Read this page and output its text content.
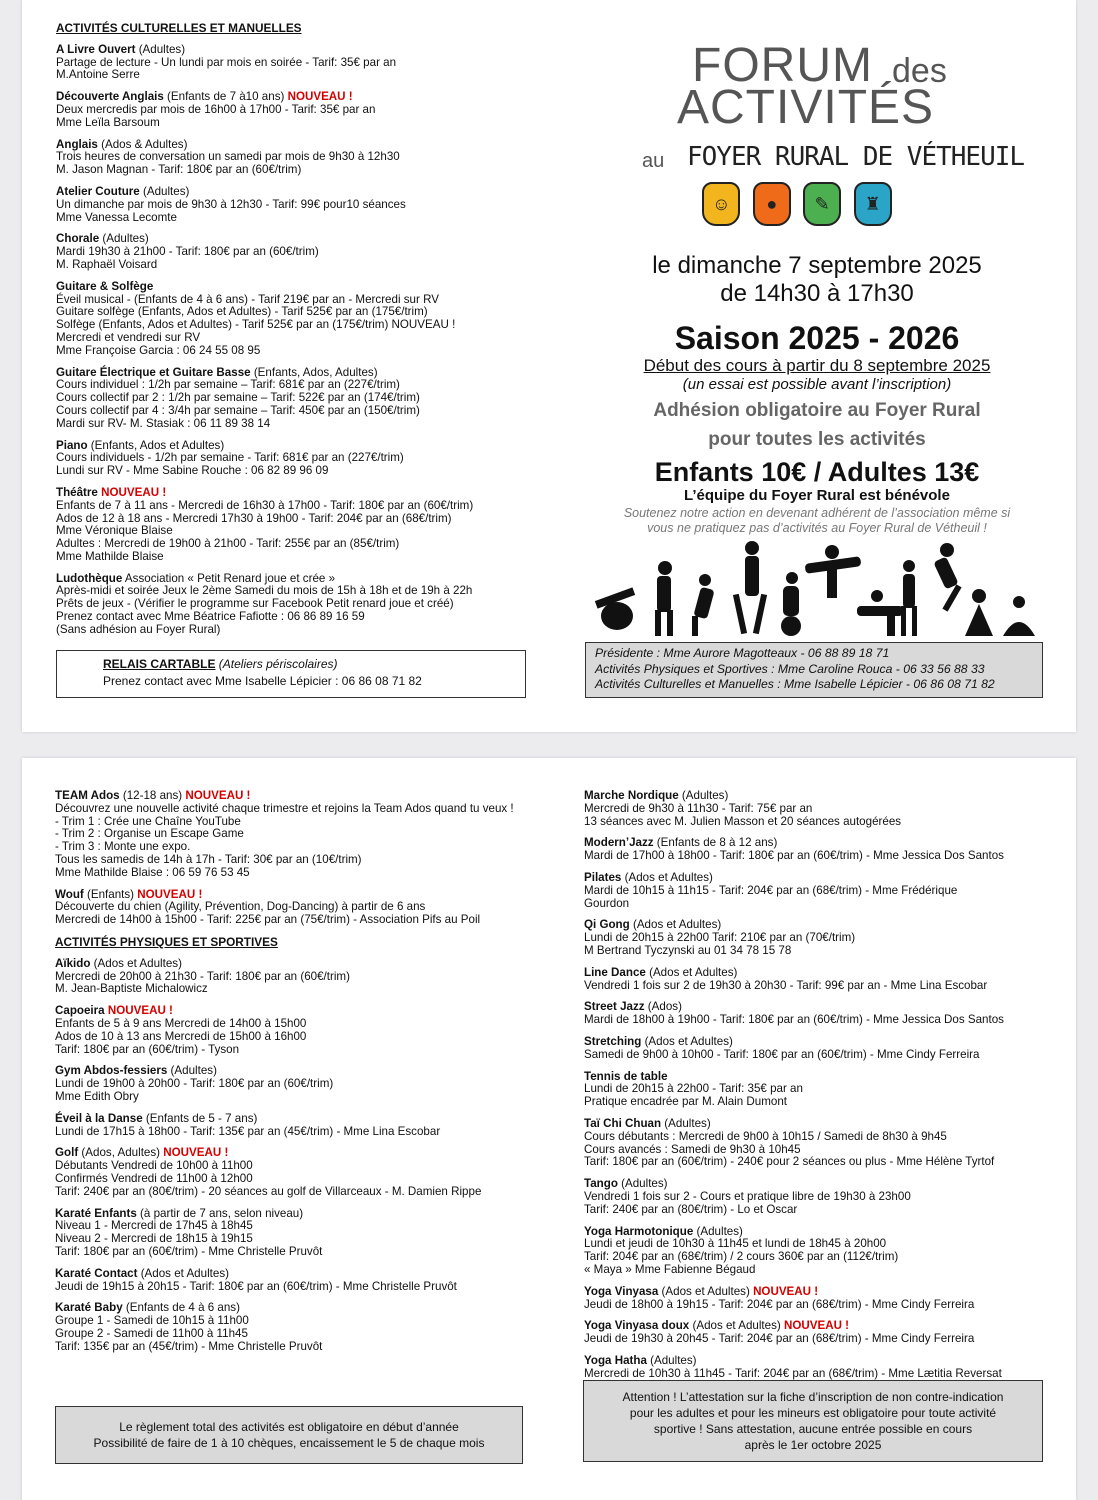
ACTIVITÉS CULTURELLES ET MANUELLES
A Livre Ouvert (Adultes)
Partage de lecture - Un lundi par mois en soirée - Tarif: 35€ par an
M.Antoine Serre
Découverte Anglais (Enfants de 7 à10 ans) NOUVEAU !
Deux mercredis par mois de 16h00 à 17h00 - Tarif: 35€ par an
Mme Leïla Barsoum
Anglais (Ados & Adultes)
Trois heures de conversation un samedi par mois de 9h30 à 12h30
M. Jason Magnan - Tarif: 180€ par an (60€/trim)
Atelier Couture (Adultes)
Un dimanche par mois de 9h30 à 12h30 - Tarif: 99€ pour10 séances
Mme Vanessa Lecomte
Chorale (Adultes)
Mardi 19h30 à 21h00 - Tarif: 180€ par an (60€/trim)
M. Raphaël Voisard
Guitare & Solfège
Éveil musical - (Enfants de 4 à 6 ans) - Tarif 219€ par an - Mercredi sur RV
Guitare solfège (Enfants, Ados et Adultes) - Tarif 525€ par an (175€/trim)
Solfège (Enfants, Ados et Adultes) - Tarif 525€ par an (175€/trim) NOUVEAU !
Mercredi et vendredi sur RV
Mme Françoise Garcia : 06 24 55 08 95
Guitare Électrique et Guitare Basse (Enfants, Ados, Adultes)
Cours individuel : 1/2h par semaine – Tarif: 681€ par an (227€/trim)
Cours collectif par 2 : 1/2h par semaine – Tarif: 522€ par an (174€/trim)
Cours collectif par 4 : 3/4h par semaine – Tarif: 450€ par an (150€/trim)
Mardi sur RV- M. Stasiak : 06 11 89 38 14
Piano (Enfants, Ados et Adultes)
Cours individuels - 1/2h par semaine - Tarif: 681€ par an (227€/trim)
Lundi sur RV - Mme Sabine Rouche : 06 82 89 96 09
Théâtre NOUVEAU !
Enfants de 7 à 11 ans - Mercredi de 16h30 à 17h00 - Tarif: 180€ par an (60€/trim)
Ados de 12 à 18 ans - Mercredi 17h30 à 19h00 - Tarif: 204€ par an (68€/trim)
Mme Véronique Blaise
Adultes : Mercredi de 19h00 à 21h00 - Tarif: 255€ par an (85€/trim)
Mme Mathilde Blaise
Ludothèque Association « Petit Renard joue et crée »
Après-midi et soirée Jeux le 2ème Samedi du mois de 15h à 18h et de 19h à 22h
Prêts de jeux - (Vérifier le programme sur Facebook Petit renard joue et créé)
Prenez contact avec Mme Béatrice Fafiotte : 06 86 89 16 59
(Sans adhésion au Foyer Rural)
RELAIS CARTABLE (Ateliers périscolaires)
Prenez contact avec Mme Isabelle Lépicier : 06 86 08 71 82
FORUM des
ACTIVITÉS
au FOYER RURAL DE VÉTHEUIL
☺
	●
	✎
	♜
le dimanche 7 septembre 2025
de 14h30 à 17h30
Saison 2025 - 2026
Début des cours à partir du 8 septembre 2025
(un essai est possible avant l’inscription)
Adhésion obligatoire au Foyer Rural
pour toutes les activités
Enfants 10€ / Adultes 13€
L’équipe du Foyer Rural est bénévole
Soutenez notre action en devenant adhérent de l’association même si
vous ne pratiquez pas d’activités au Foyer Rural de Vétheuil !
Présidente : Mme Aurore Magotteaux - 06 88 89 18 71
Activités Physiques et Sportives : Mme Caroline Rouca - 06 33 56 88 33
Activités Culturelles et Manuelles : Mme Isabelle Lépicier - 06 86 08 71 82
TEAM Ados (12-18 ans) NOUVEAU !
Découvrez une nouvelle activité chaque trimestre et rejoins la Team Ados quand tu veux !
- Trim 1 : Crée une Chaîne YouTube
- Trim 2 : Organise un Escape Game
- Trim 3 : Monte une expo.
Tous les samedis de 14h à 17h - Tarif: 30€ par an (10€/trim)
Mme Mathilde Blaise : 06 59 76 53 45
Wouf (Enfants) NOUVEAU !
Découverte du chien (Agility, Prévention, Dog-Dancing) à partir de 6 ans
Mercredi de 14h00 à 15h00 - Tarif: 225€ par an (75€/trim) - Association Pifs au Poil
ACTIVITÉS PHYSIQUES ET SPORTIVES
Aïkido (Ados et Adultes)
Mercredi de 20h00 à 21h30 - Tarif: 180€ par an (60€/trim)
M. Jean-Baptiste Michalowicz
Capoeira NOUVEAU !
Enfants de 5 à 9 ans Mercredi de 14h00 à 15h00
Ados de 10 à 13 ans Mercredi de 15h00 à 16h00
Tarif: 180€ par an (60€/trim) - Tyson
Gym Abdos-fessiers (Adultes)
Lundi de 19h00 à 20h00 - Tarif: 180€ par an (60€/trim)
Mme Edith Obry
Éveil à la Danse (Enfants de 5 - 7 ans)
Lundi de 17h15 à 18h00 - Tarif: 135€ par an (45€/trim) - Mme Lina Escobar
Golf (Ados, Adultes) NOUVEAU !
Débutants Vendredi de 10h00 à 11h00
Confirmés Vendredi de 11h00 à 12h00
Tarif: 240€ par an (80€/trim) - 20 séances au golf de Villarceaux - M. Damien Rippe
Karaté Enfants (à partir de 7 ans, selon niveau)
Niveau 1 - Mercredi de 17h45 à 18h45
Niveau 2 - Mercredi de 18h15 à 19h15
Tarif: 180€ par an (60€/trim) - Mme Christelle Pruvôt
Karaté Contact (Ados et Adultes)
Jeudi de 19h15 à 20h15 - Tarif: 180€ par an (60€/trim) - Mme Christelle Pruvôt
Karaté Baby (Enfants de 4 à 6 ans)
Groupe 1 - Samedi de 10h15 à 11h00
Groupe 2 - Samedi de 11h00 à 11h45
Tarif: 135€ par an (45€/trim) - Mme Christelle Pruvôt
Le règlement total des activités est obligatoire en début d’année
Possibilité de faire de 1 à 10 chèques, encaissement le 5 de chaque mois
Marche Nordique (Adultes)
Mercredi de 9h30 à 11h30 - Tarif: 75€ par an
13 séances avec M. Julien Masson et 20 séances autogérées
Modern’Jazz (Enfants de 8 à 12 ans)
Mardi de 17h00 à 18h00 - Tarif: 180€ par an (60€/trim) - Mme Jessica Dos Santos
Pilates (Ados et Adultes)
Mardi de 10h15 à 11h15 - Tarif: 204€ par an (68€/trim) - Mme Frédérique
Gourdon
Qi Gong (Ados et Adultes)
Lundi de 20h15 à 22h00 Tarif: 210€ par an (70€/trim)
M Bertrand Tyczynski au 01 34 78 15 78
Line Dance (Ados et Adultes)
Vendredi 1 fois sur 2 de 19h30 à 20h30 - Tarif: 99€ par an - Mme Lina Escobar
Street Jazz (Ados)
Mardi de 18h00 à 19h00 - Tarif: 180€ par an (60€/trim) - Mme Jessica Dos Santos
Stretching (Ados et Adultes)
Samedi de 9h00 à 10h00 - Tarif: 180€ par an (60€/trim) - Mme Cindy Ferreira
Tennis de table
Lundi de 20h15 à 22h00 - Tarif: 35€ par an
Pratique encadrée par M. Alain Dumont
Taï Chi Chuan (Adultes)
Cours débutants : Mercredi de 9h00 à 10h15 / Samedi de 8h30 à 9h45
Cours avancés : Samedi de 9h30 à 10h45
Tarif: 180€ par an (60€/trim) - 240€ pour 2 séances ou plus - Mme Hélène Tyrtof
Tango (Adultes)
Vendredi 1 fois sur 2 - Cours et pratique libre de 19h30 à 23h00
Tarif: 240€ par an (80€/trim) - Lo et Oscar
Yoga Harmotonique (Adultes)
Lundi et jeudi de 10h30 à 11h45 et lundi de 18h45 à 20h00
Tarif: 204€ par an (68€/trim) / 2 cours 360€ par an (112€/trim)
« Maya » Mme Fabienne Bégaud
Yoga Vinyasa (Ados et Adultes) NOUVEAU !
Jeudi de 18h00 à 19h15 - Tarif: 204€ par an (68€/trim) - Mme Cindy Ferreira
Yoga Vinyasa doux (Ados et Adultes) NOUVEAU !
Jeudi de 19h30 à 20h45 - Tarif: 204€ par an (68€/trim) - Mme Cindy Ferreira
Yoga Hatha (Adultes)
Mercredi de 10h30 à 11h45 - Tarif: 204€ par an (68€/trim) - Mme Lætitia Reversat
Attention ! L’attestation sur la fiche d’inscription de non contre-indication
pour les adultes et pour les mineurs est obligatoire pour toute activité
sportive ! Sans attestation, aucune entrée possible en cours
après le 1er octobre 2025
